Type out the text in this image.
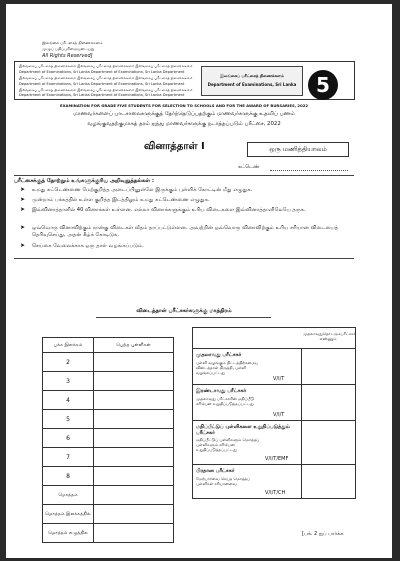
இலங்கை பரீட்சைத் திணைக்களம்
முழுப் பதிப்புரிமையுடையது
All Rights Reserved]
இலங்கைப் பரீட்சைத் திணைக்களம் இலங்கைப் பரீட்சைத் திணைக்களம் இலங்கைப் பரீட்சைத் திணைக்களம்
Department of Examinations, Sri Lanka Department of Examinations, Sri Lanka Department
இலங்கைப் பரீட்சைத் திணைக்களம் இலங்கைப் பரீட்சைத் திணைக்களம் இலங்கைப் பரீட்சைத் திணைக்களம்
Department of Examinations, Sri Lanka Department of Examinations, Sri Lanka Department
இலங்கைப் பரீட்சைத் திணைக்களம் இலங்கைப் பரீட்சைத் திணைக்களம் இலங்கைப் பரீட்சைத் திணைக்களம்
Department of Examinations, Sri Lanka Department of Examinations, Sri Lanka Department
இலங்கைப் பரீட்சைத் திணைக்களம்
Department of Examinations, Sri Lanka 5
EXAMINATION FOR GRADE FIVE STUDENTS FOR SELECTION TO SCHOOLS AND FOR THE AWARD OF BURSARIES, 2022
மாணவர்களைப் பாடசாலைகளுக்குத் தேர்ந்தெடுப்பதற்கும் மாணவர்களுக்கு உதவிப் பணம்
வழங்குவதற்குமாகத் தரம் ஐந்து மாணவர்களுக்கு நடாத்தப்படும் பரீட்சை, 2022
வினாத்தாள் I	ஒரு மணித்தியாலம்
சுட்டெண்
பரீட்சைக்குத் தோற்றும் உங்களுக்குரிய அறிவுறுத்தல்கள் :
➤ உமது சுட்டெண்ணை மேற்குறித்த அடைப்பினுள்ளே இருக்கும் புள்ளிக் கோட்டின் மீது எழுதுக.
➤ முன்றாம் பக்கத்தில் உள்ள குறித்த இடத்திலும் உமது சுட்டெண்ணை எழுதுக.
➤ இவ்வினாத்தாளில் 40 வினாக்கள் உள்ளன. எல்லா வினாக்களுக்கும் உரிய விடைகளை இவ்வினாத்தாளிலேயே தருக.
➤ ஒவ்வொரு வினாவிற்கும் நான்கு விடைகள் வீதம் தரப்பட்டுள்ளன. அவற்றின் ஒவ்வொரு வினாவிற்கும் உரிய சரியான விடையைத் தெரிவுசெய்து, அதன் கீழ்க் கோடிடுக.
➤ செய்கை வேலைக்காக ஒரு தாள் வழங்கப்படும்.
விடைத்தாள் பரீட்சகர்களுக்கு மாத்திரம்
பக்க இலக்கம்	பெற்ற புள்ளிகள்
2	
3	
4	
5	
6	
7	
8	
மொத்தம்	
மொத்தம் இலக்கத்தில்	
மொத்தம் எழுத்தில்	
முதலாவதுதொடரும்பரீட்சகர் எண்ணும்
முதலாவது பரீட்சகர்
புள்ளி வழங்கும் திட்டத்திற்கமைய விடைத்தாள் திருத்தி, புள்ளி வழங்கப்பட்டது
V/I/T
இரண்டாவது பரீட்சகர்
முதலாவது பரீட்சகரின் மதிப்பீடு சரியென உறுதிப்படுத்தப்பட்டது
V/I/T
மதிப்பீட்டுப் புள்ளிகளை உறுதிப்படுத்தும் பரீட்சகர்
மதிப்பீட்டுப் புள்ளிகளும் மொத்தப் புள்ளிகளும் சரியென உறுதிப்படுத்தப்பட்டது
V/I/T/EMF
பிரதான பரீட்சகர்
மேற்பார்வை செய்த மொத்தப் புள்ளிகள் சரியானவை
V/I/T/CH
[பக். 2 ஐப் பார்க்க
